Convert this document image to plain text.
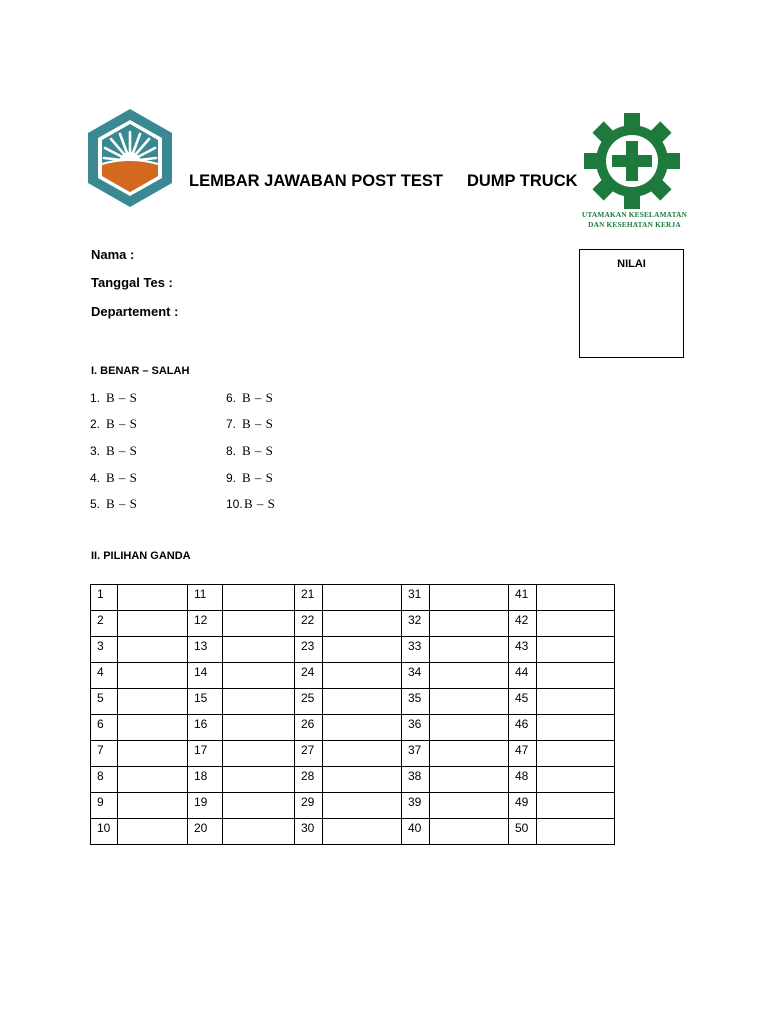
LEMBAR JAWABAN POST TEST DUMP TRUCK
UTAMAKAN KESELAMATAN
DAN KESEHATAN KERJA
Nama :
Tanggal Tes :
Departement :
NILAI
I. BENAR – SALAH
1. B – S
2. B – S
3. B – S
4. B – S
5. B – S
6. B – S
7. B – S
8. B – S
9. B – S
10.B – S
II. PILIHAN GANDA
1		11		21		31		41	
2		12		22		32		42	
3		13		23		33		43	
4		14		24		34		44	
5		15		25		35		45	
6		16		26		36		46	
7		17		27		37		47	
8		18		28		38		48	
9		19		29		39		49	
10		20		30		40		50	
